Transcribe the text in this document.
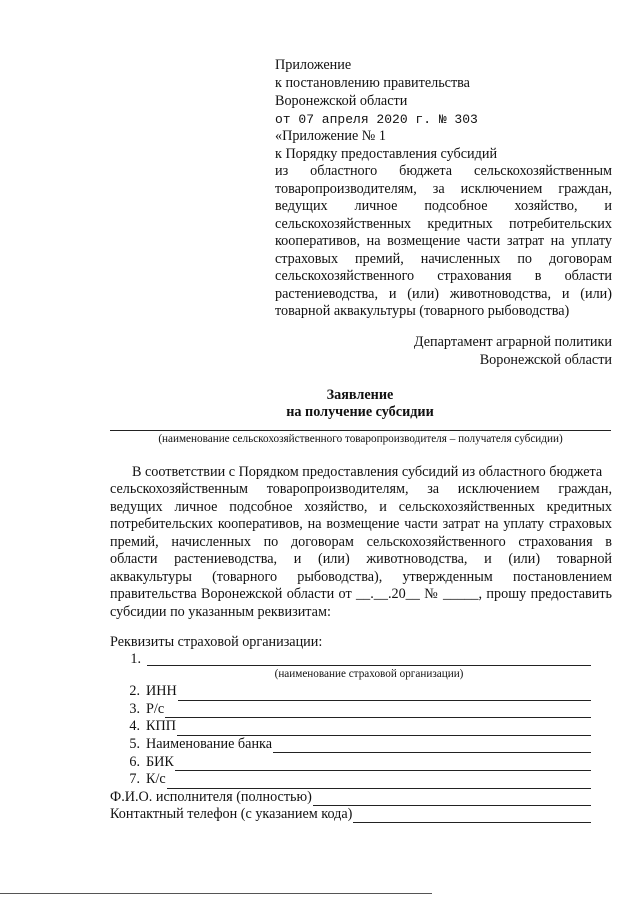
Приложение
к постановлению правительства
Воронежской области
от 07 апреля 2020 г. № 303
«Приложение № 1
к Порядку предоставления субсидий
из областного бюджета сельскохозяйственным
товаропроизводителям, за исключением граждан,
ведущих личное подсобное хозяйство, и
сельскохозяйственных кредитных потребительских
кооперативов, на возмещение части затрат на уплату
страховых премий, начисленных по договорам
сельскохозяйственного страхования в области
растениеводства, и (или) животноводства, и (или)
товарной аквакультуры (товарного рыбоводства)
Департамент аграрной политики
Воронежской области
Заявление
на получение субсидии
(наименование сельскохозяйственного товаропроизводителя – получателя субсидии)
В соответствии с Порядком предоставления субсидий из областного бюджета
сельскохозяйственным товаропроизводителям, за исключением граждан,
ведущих личное подсобное хозяйство, и сельскохозяйственных кредитных
потребительских кооперативов, на возмещение части затрат на уплату страховых
премий, начисленных по договорам сельскохозяйственного страхования в
области растениеводства, и (или) животноводства, и (или) товарной
аквакультуры (товарного рыбоводства), утвержденным постановлением
правительства Воронежской области от __.__.20__ № _____, прошу предоставить
субсидии по указанным реквизитам:
Реквизиты страховой организации:
1.
(наименование страховой организации)
2. ИНН
3. Р/с
4. КПП
5. Наименование банка
6. БИК
7. К/с
Ф.И.О. исполнителя (полностью)
Контактный телефон (с указанием кода)
